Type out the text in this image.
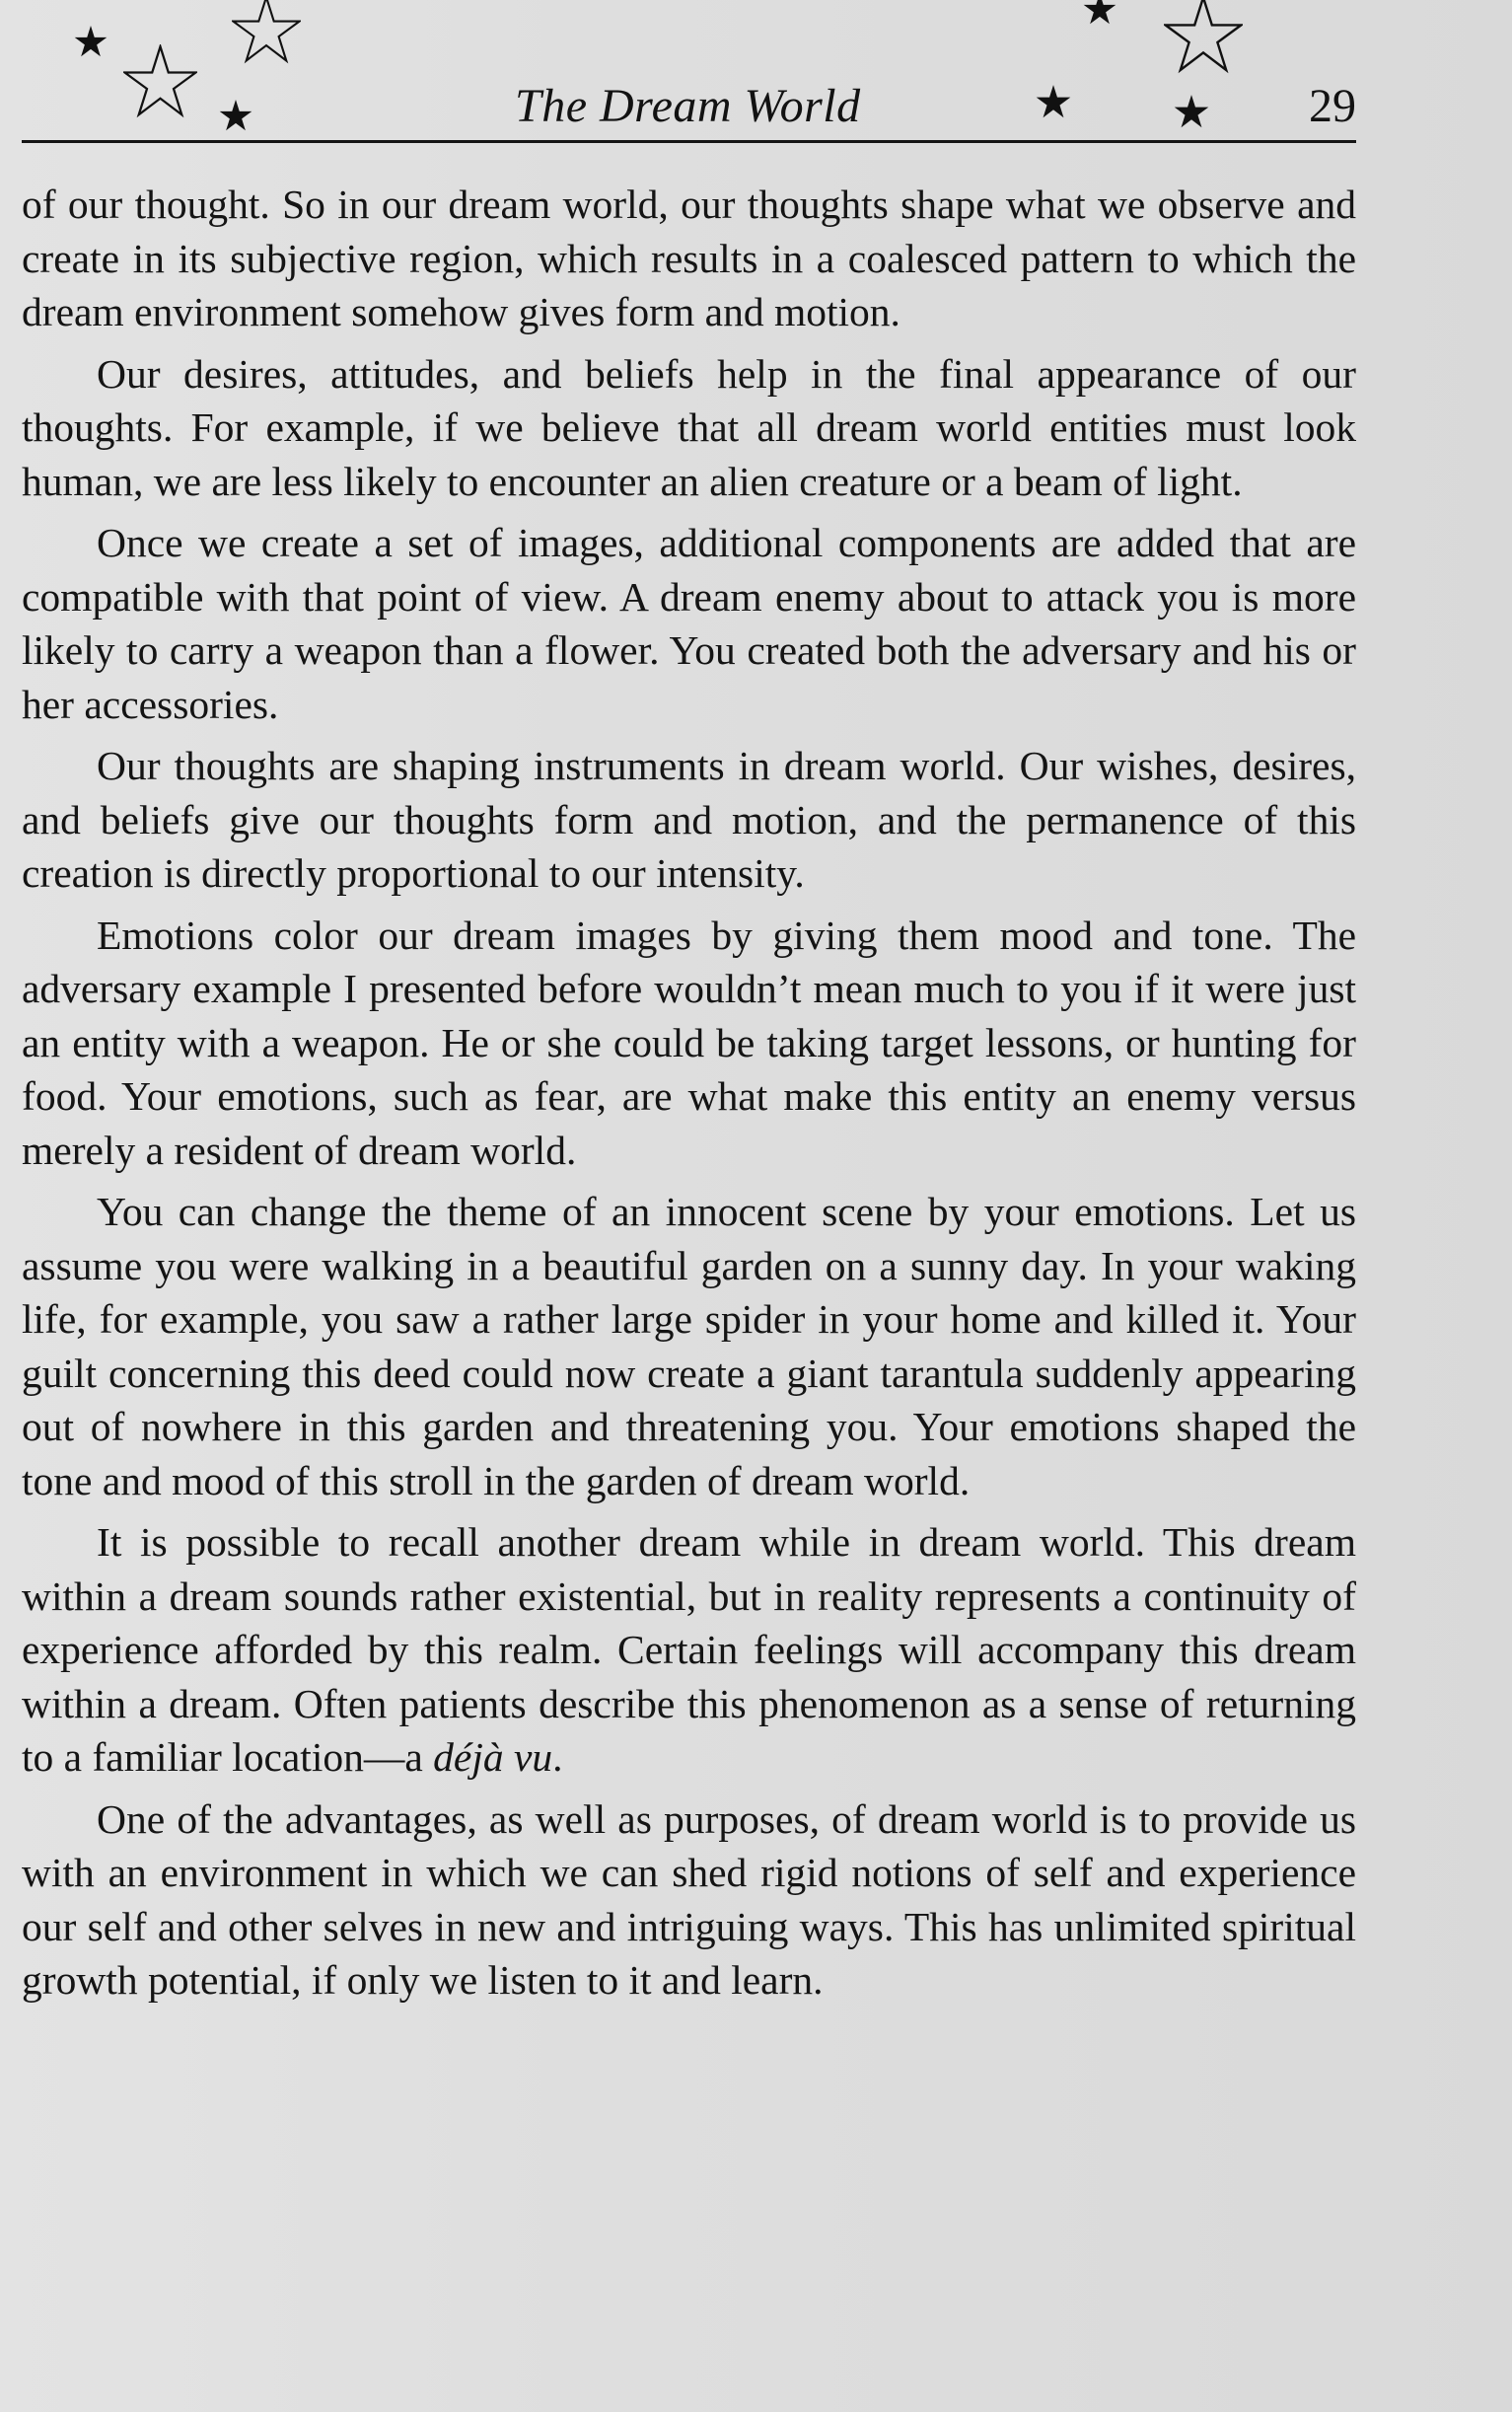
The Dream World	29

of our thought. So in our dream world, our thoughts shape what we observe and create in its subjective region, which results in a coalesced pattern to which the dream environment somehow gives form and motion.

Our desires, attitudes, and beliefs help in the final appearance of our thoughts. For example, if we believe that all dream world entities must look human, we are less likely to encounter an alien creature or a beam of light.

Once we create a set of images, additional components are added that are compatible with that point of view. A dream enemy about to attack you is more likely to carry a weapon than a flower. You created both the adversary and his or her accessories.

Our thoughts are shaping instruments in dream world. Our wishes, desires, and beliefs give our thoughts form and motion, and the permanence of this creation is directly proportional to our intensity.

Emotions color our dream images by giving them mood and tone. The adversary example I presented before wouldn’t mean much to you if it were just an entity with a weapon. He or she could be taking target lessons, or hunting for food. Your emotions, such as fear, are what make this entity an enemy versus merely a resident of dream world.

You can change the theme of an innocent scene by your emotions. Let us assume you were walking in a beautiful garden on a sunny day. In your waking life, for example, you saw a rather large spider in your home and killed it. Your guilt concerning this deed could now create a giant tarantula suddenly appearing out of nowhere in this garden and threatening you. Your emotions shaped the tone and mood of this stroll in the garden of dream world.

It is possible to recall another dream while in dream world. This dream within a dream sounds rather existential, but in reality represents a continuity of experience afforded by this realm. Certain feelings will accompany this dream within a dream. Often patients describe this phenomenon as a sense of returning to a familiar location—a déjà vu.

One of the advantages, as well as purposes, of dream world is to provide us with an environment in which we can shed rigid notions of self and experience our self and other selves in new and intriguing ways. This has unlimited spiritual growth potential, if only we listen to it and learn.
